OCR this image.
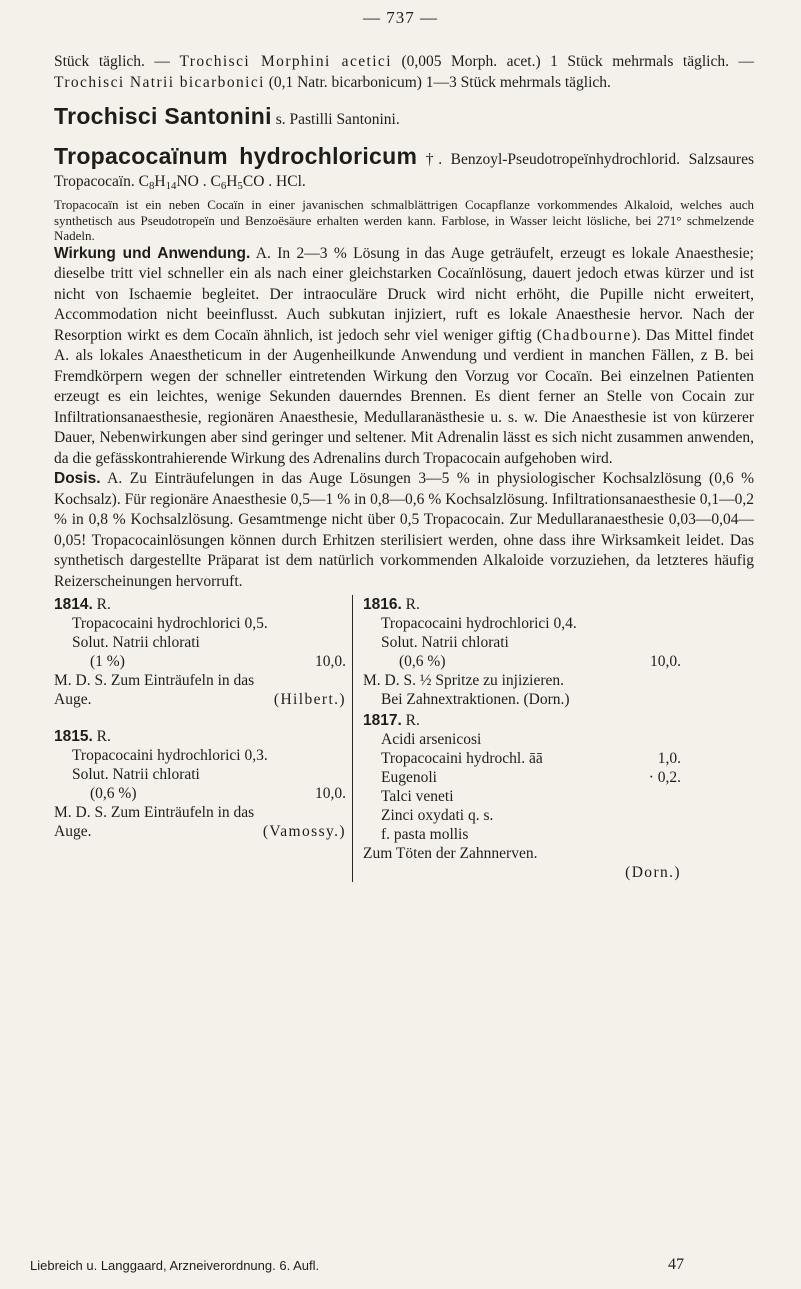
— 737 —

Stück täglich. — Trochisci Morphini acetici (0,005 Morph. acet.) 1 Stück mehrmals täglich. — Trochisci Natrii bicarbonici (0,1 Natr. bicarbonicum) 1—3 Stück mehrmals täglich.

Trochisci Santonini s. Pastilli Santonini.

Tropacocaïnum hydrochloricum †. Benzoyl-Pseudotropeïnhydrochlorid. Salzsaures Tropacocaïn. $C_8H_{14}NO$ . $C_6H_5CO$ . HCl.

Tropacocaïn ist ein neben Cocaïn in einer javanischen schmalblättrigen Cocapflanze vorkommendes Alkaloid, welches auch synthetisch aus Pseudotropeïn und Benzoësäure erhalten werden kann. Farblose, in Wasser leicht lösliche, bei 271° schmelzende Nadeln.

Wirkung und Anwendung. A. In 2—3 % Lösung in das Auge geträufelt, erzeugt es lokale Anaesthesie; dieselbe tritt viel schneller ein als nach einer gleichstarken Cocaïnlösung, dauert jedoch etwas kürzer und ist nicht von Ischaemie begleitet. Der intraoculäre Druck wird nicht erhöht, die Pupille nicht erweitert, Accommodation nicht beeinflusst. Auch subkutan injiziert, ruft es lokale Anaesthesie hervor. Nach der Resorption wirkt es dem Cocaïn ähnlich, ist jedoch sehr viel weniger giftig (Chadbourne). Das Mittel findet A. als lokales Anaestheticum in der Augenheilkunde Anwendung und verdient in manchen Fällen, z B. bei Fremdkörpern wegen der schneller eintretenden Wirkung den Vorzug vor Cocaïn. Bei einzelnen Patienten erzeugt es ein leichtes, wenige Sekunden dauerndes Brennen. Es dient ferner an Stelle von Cocain zur Infiltrationsanaesthesie, regionären Anaesthesie, Medullaranästhesie u. s. w. Die Anaesthesie ist von kürzerer Dauer, Nebenwirkungen aber sind geringer und seltener. Mit Adrenalin lässt es sich nicht zusammen anwenden, da die gefässkontrahierende Wirkung des Adrenalins durch Tropacocain aufgehoben wird.

Dosis. A. Zu Einträufelungen in das Auge Lösungen 3—5 % in physiologischer Kochsalzlösung (0,6 % Kochsalz). Für regionäre Anaesthesie 0,5—1 % in 0,8—0,6 % Kochsalzlösung. Infiltrationsanaesthesie 0,1—0,2 % in 0,8 % Kochsalzlösung. Gesamtmenge nicht über 0,5 Tropacocain. Zur Medullaranaesthesie 0,03—0,04—0,05! Tropacocainlösungen können durch Erhitzen sterilisiert werden, ohne dass ihre Wirksamkeit leidet. Das synthetisch dargestellte Präparat ist dem natürlich vorkommenden Alkaloide vorzuziehen, da letzteres häufig Reizerscheinungen hervorruft.

1814. R.
Tropacocaini hydrochlorici 0,5.
Solut. Natrii chlorati
(1 %)	10,0.
M. D. S. Zum Einträufeln in das
Auge.	(Hilbert.)
1815. R.
Tropacocaini hydrochlorici 0,3.
Solut. Natrii chlorati
(0,6 %)	10,0.
M. D. S. Zum Einträufeln in das
Auge.	(Vamossy.)
1816. R.
Tropacocaini hydrochlorici 0,4.
Solut. Natrii chlorati
(0,6 %)	10,0.
M. D. S. ½ Spritze zu injizieren.
Bei Zahnextraktionen. (Dorn.)
1817. R.
Acidi arsenicosi
Tropacocaini hydrochl. āā	1,0.
Eugenoli	· 0,2.
Talci veneti
Zinci oxydati q. s.
f. pasta mollis
Zum Töten der Zahnnerven.
(Dorn.)
Liebreich u. Langgaard, Arzneiverordnung. 6. Aufl.	47
